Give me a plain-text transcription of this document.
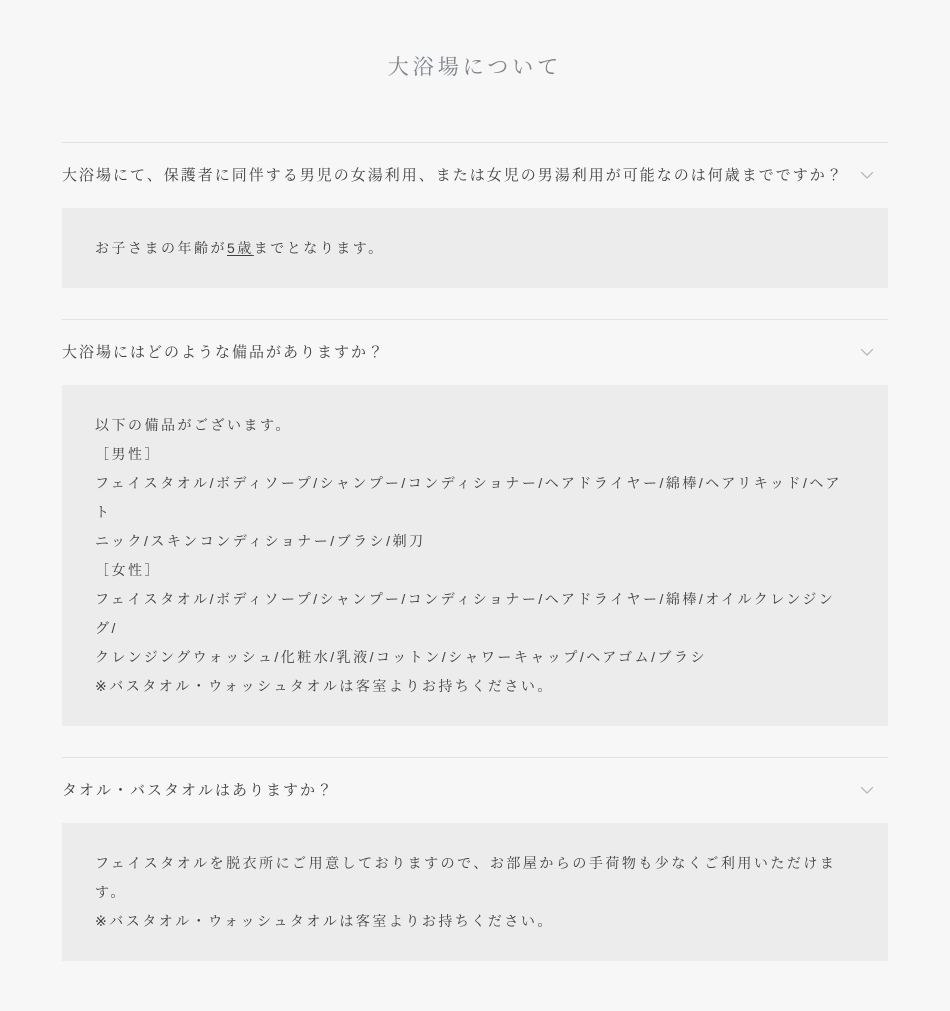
大浴場について
大浴場にて、保護者に同伴する男児の女湯利用、または女児の男湯利用が可能なのは何歳までですか？

お子さまの年齢が5歳までとなります。

大浴場にはどのような備品がありますか？

以下の備品がございます。

［男性］

フェイスタオル/ボディソープ/シャンプー/コンディショナー/ヘアドライヤー/綿棒/ヘアリキッド/ヘアト

ニック/スキンコンディショナー/ブラシ/剃刀

［女性］

フェイスタオル/ボディソープ/シャンプー/コンディショナー/ヘアドライヤー/綿棒/オイルクレンジング/

クレンジングウォッシュ/化粧水/乳液/コットン/シャワーキャップ/ヘアゴム/ブラシ

※バスタオル・ウォッシュタオルは客室よりお持ちください。

タオル・バスタオルはありますか？

フェイスタオルを脱衣所にご用意しておりますので、お部屋からの手荷物も少なくご利用いただけます。

※バスタオル・ウォッシュタオルは客室よりお持ちください。
